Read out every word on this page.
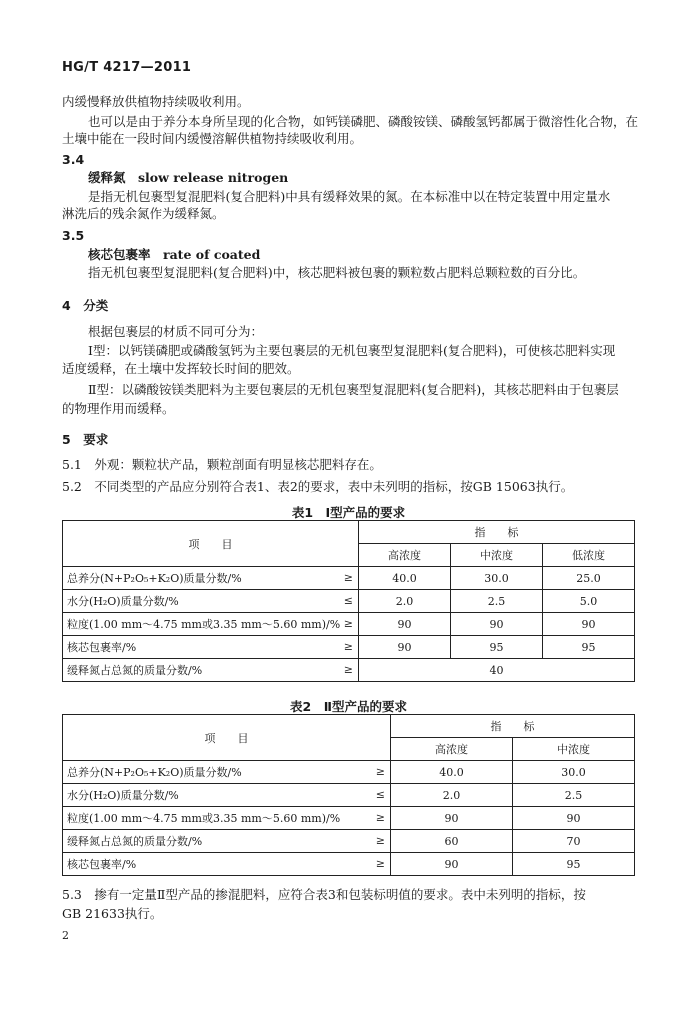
HG/T 4217—2011
内缓慢释放供植物持续吸收利用。
也可以是由于养分本身所呈现的化合物，如钙镁磷肥、磷酸铵镁、磷酸氢钙都属于微溶性化合物，在
土壤中能在一段时间内缓慢溶解供植物持续吸收利用。
3.4
缓释氮　slow release nitrogen
是指无机包裹型复混肥料(复合肥料)中具有缓释效果的氮。在本标准中以在特定装置中用定量水
淋洗后的残余氮作为缓释氮。
3.5
核芯包裹率　rate of coated
指无机包裹型复混肥料(复合肥料)中，核芯肥料被包裹的颗粒数占肥料总颗粒数的百分比。
4　分类
根据包裹层的材质不同可分为：
Ⅰ型：以钙镁磷肥或磷酸氢钙为主要包裹层的无机包裹型复混肥料(复合肥料)，可使核芯肥料实现
适度缓释，在土壤中发挥较长时间的肥效。
Ⅱ型：以磷酸铵镁类肥料为主要包裹层的无机包裹型复混肥料(复合肥料)，其核芯肥料由于包裹层
的物理作用而缓释。
5　要求
5.1　外观：颗粒状产品，颗粒剖面有明显核芯肥料存在。
5.2　不同类型的产品应分别符合表1、表2的要求，表中未列明的指标，按GB 15063执行。
表1　Ⅰ型产品的要求
项　　目	指　　标		
	高浓度	中浓度	低浓度
总养分(N+P₂O₅+K₂O)质量分数/% ≥	40.0	30.0	25.0
水分(H₂O)质量分数/% ≤	2.0	2.5	5.0
粒度(1.00 mm～4.75 mm或3.35 mm～5.60 mm)/% ≥	90	90	90
核芯包裹率/% ≥	90	95	95
缓释氮占总氮的质量分数/% ≥	40		
表2　Ⅱ型产品的要求
项　　目	指　　标	
	高浓度	中浓度
总养分(N+P₂O₅+K₂O)质量分数/% ≥	40.0	30.0
水分(H₂O)质量分数/% ≤	2.0	2.5
粒度(1.00 mm～4.75 mm或3.35 mm～5.60 mm)/% ≥	90	90
缓释氮占总氮的质量分数/% ≥	60	70
核芯包裹率/% ≥	90	95
5.3　掺有一定量Ⅱ型产品的掺混肥料，应符合表3和包装标明值的要求。表中未列明的指标，按
GB 21633执行。
2
